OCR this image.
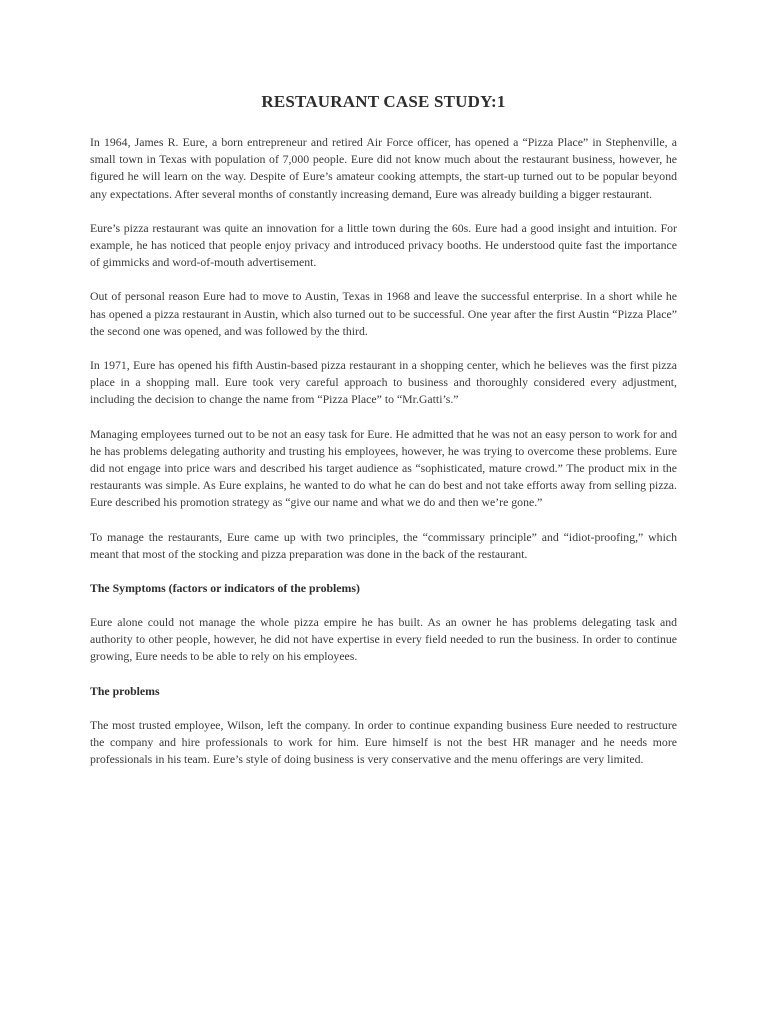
RESTAURANT CASE STUDY:1

In 1964, James R. Eure, a born entrepreneur and retired Air Force officer, has opened a “Pizza Place” in Stephenville, a small town in Texas with population of 7,000 people. Eure did not know much about the restaurant business, however, he figured he will learn on the way. Despite of Eure’s amateur cooking attempts, the start-up turned out to be popular beyond any expectations. After several months of constantly increasing demand, Eure was already building a bigger restaurant.

Eure’s pizza restaurant was quite an innovation for a little town during the 60s. Eure had a good insight and intuition. For example, he has noticed that people enjoy privacy and introduced privacy booths. He understood quite fast the importance of gimmicks and word-of-mouth advertisement.

Out of personal reason Eure had to move to Austin, Texas in 1968 and leave the successful enterprise. In a short while he has opened a pizza restaurant in Austin, which also turned out to be successful. One year after the first Austin “Pizza Place” the second one was opened, and was followed by the third.

In 1971, Eure has opened his fifth Austin-based pizza restaurant in a shopping center, which he believes was the first pizza place in a shopping mall. Eure took very careful approach to business and thoroughly considered every adjustment, including the decision to change the name from “Pizza Place” to “Mr.Gatti’s.”

Managing employees turned out to be not an easy task for Eure. He admitted that he was not an easy person to work for and he has problems delegating authority and trusting his employees, however, he was trying to overcome these problems. Eure did not engage into price wars and described his target audience as “sophisticated, mature crowd.” The product mix in the restaurants was simple. As Eure explains, he wanted to do what he can do best and not take efforts away from selling pizza. Eure described his promotion strategy as “give our name and what we do and then we’re gone.”

To manage the restaurants, Eure came up with two principles, the “commissary principle” and “idiot-proofing,” which meant that most of the stocking and pizza preparation was done in the back of the restaurant.

The Symptoms (factors or indicators of the problems)

Eure alone could not manage the whole pizza empire he has built. As an owner he has problems delegating task and authority to other people, however, he did not have expertise in every field needed to run the business. In order to continue growing, Eure needs to be able to rely on his employees.

The problems

The most trusted employee, Wilson, left the company. In order to continue expanding business Eure needed to restructure the company and hire professionals to work for him. Eure himself is not the best HR manager and he needs more professionals in his team. Eure’s style of doing business is very conservative and the menu offerings are very limited.
